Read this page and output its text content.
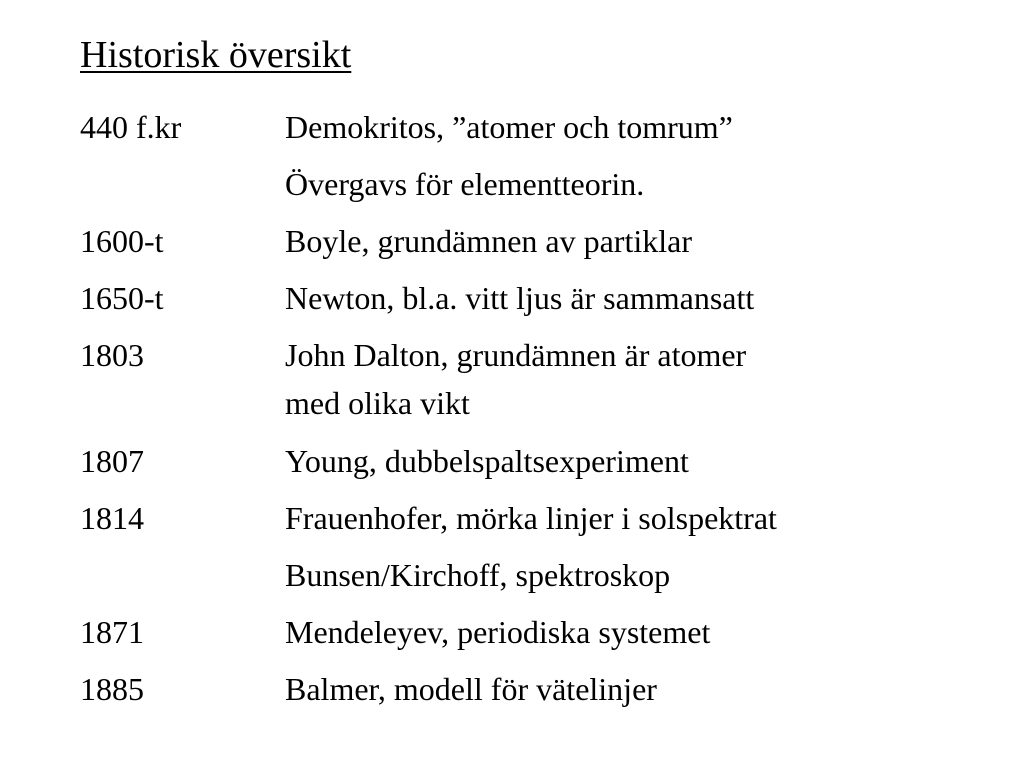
Historisk översikt
440 f.kr	Demokritos, ”atomer och tomrum”
Övergavs för elementteorin.
1600-t	Boyle, grundämnen av partiklar
1650-t	Newton, bl.a. vitt ljus är sammansatt
1803	John Dalton, grundämnen är atomer
med olika vikt
1807	Young, dubbelspaltsexperiment
1814	Frauenhofer, mörka linjer i solspektrat
Bunsen/Kirchoff, spektroskop
1871	Mendeleyev, periodiska systemet
1885	Balmer, modell för vätelinjer
